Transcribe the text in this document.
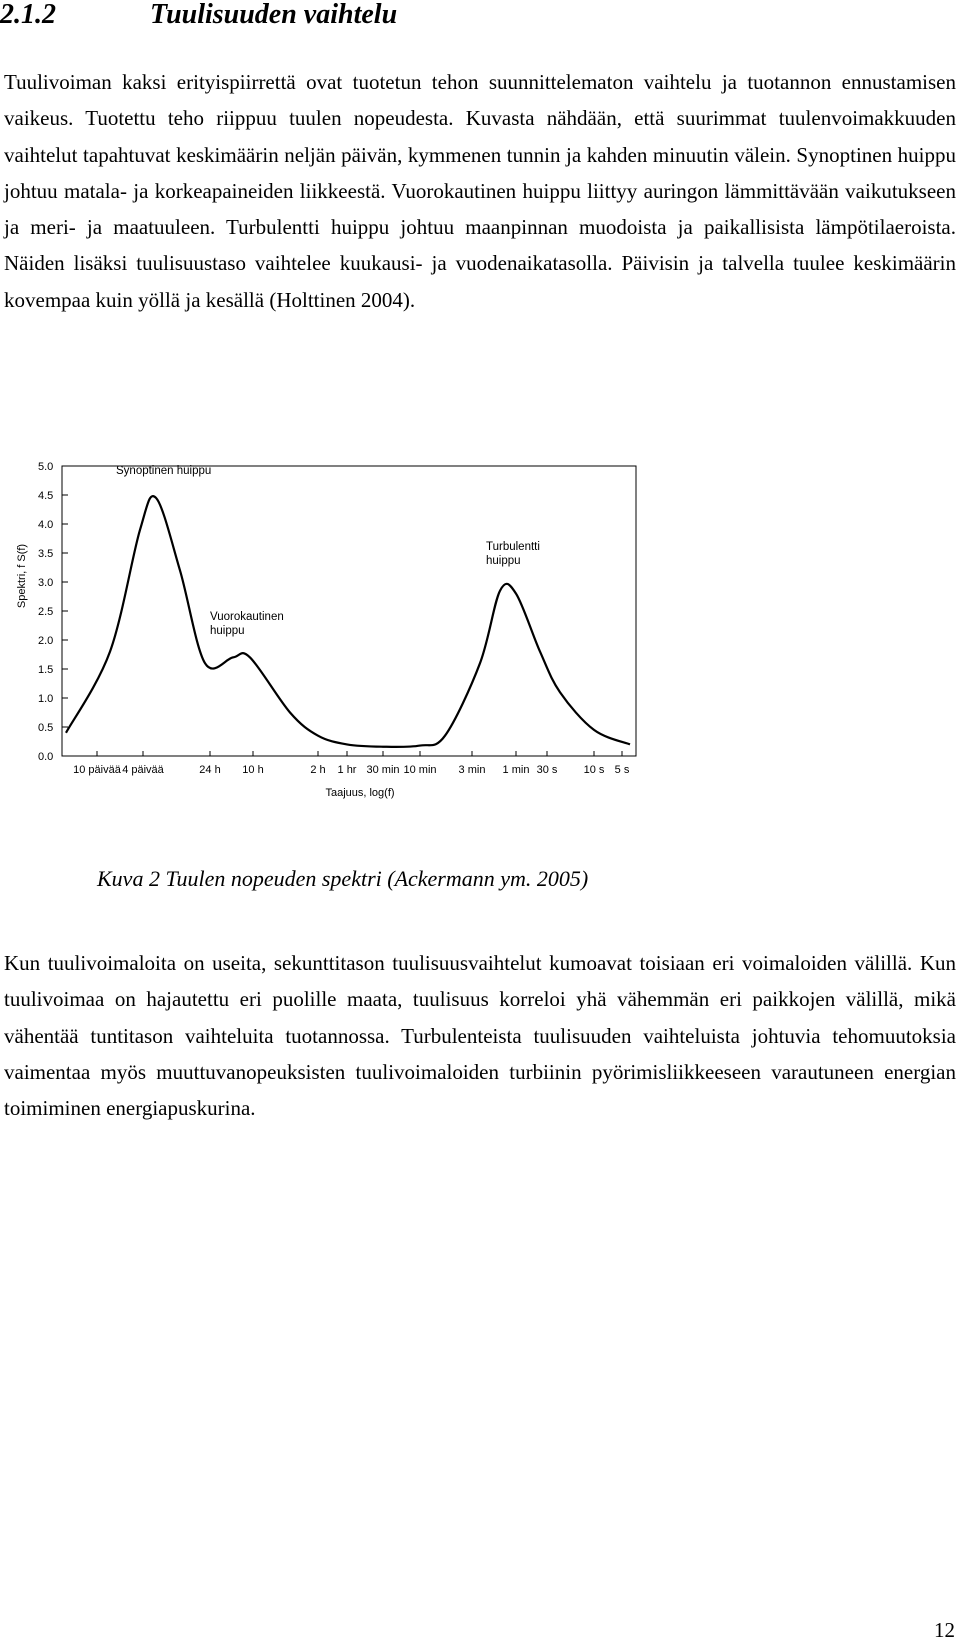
2.1.2	Tuulisuuden vaihtelu
Tuulivoiman kaksi erityispiirrettä ovat tuotetun tehon suunnittelematon vaihtelu ja tuotannon ennustamisen vaikeus. Tuotettu teho riippuu tuulen nopeudesta. Kuvasta nähdään, että suurimmat tuulenvoimakkuuden vaihtelut tapahtuvat keskimäärin neljän päivän, kymmenen tunnin ja kahden minuutin välein. Synoptinen huippu johtuu matala- ja korkeapaineiden liikkeestä. Vuorokautinen huippu liittyy auringon lämmittävään vaikutukseen ja meri- ja maatuuleen. Turbulentti huippu johtuu maanpinnan muodoista ja paikallisista lämpötilaeroista. Näiden lisäksi tuulisuustaso vaihtelee kuukausi- ja vuodenaikatasolla. Päivisin ja talvella tuulee keskimäärin kovempaa kuin yöllä ja kesällä (Holttinen 2004).
0.0
0.5
1.0
1.5
2.0
2.5
3.0
3.5
4.0
4.5
5.0
10 päivää 4 päivää	24 h 10 h	2 h 1 hr 30 min 10 min 3 min 1 min 30 s 10 s 5 s
Taajuus, log(f)
Spektri, f S(f)
Synoptinen huippu
Vuorokautinen
huippu
Turbulentti
huippu
Kuva 2 Tuulen nopeuden spektri (Ackermann ym. 2005)
Kun tuulivoimaloita on useita, sekunttitason tuulisuusvaihtelut kumoavat toisiaan eri voimaloiden välillä. Kun tuulivoimaa on hajautettu eri puolille maata, tuulisuus korreloi yhä vähemmän eri paikkojen välillä, mikä vähentää tuntitason vaihteluita tuotannossa. Turbulenteista tuulisuuden vaihteluista johtuvia tehomuutoksia vaimentaa myös muuttuvanopeuksisten tuulivoimaloiden turbiinin pyörimisliikkeeseen varautuneen energian toimiminen energiapuskurina.
12
